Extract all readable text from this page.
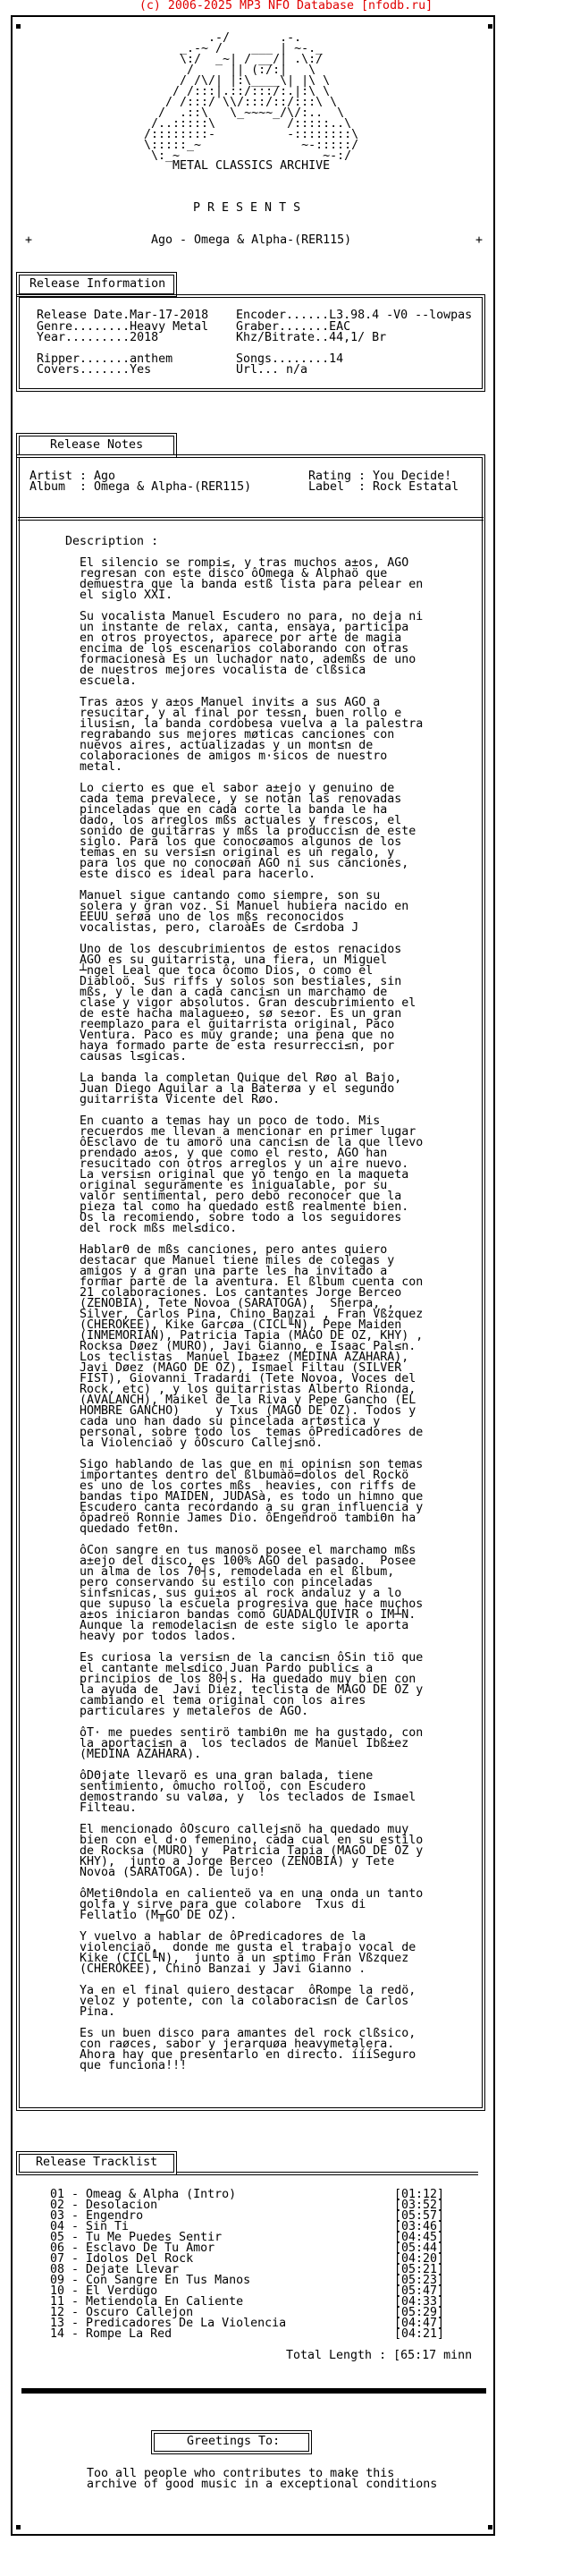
(c) 2006-2025 MP3 NFO Database [nfodb.ru]
.-/       .-.
_.-~ /    ___ | ~-._
\:/  _~| / __/| .\:/
/     || (:/:|   \
/ /\/| |:\____\| |\ \
/ /:::|.::/:::/:.|:\ \
/ /:::/ \\/:::/::/:::\ \
/  .::\   \_~~~~_/\/:..  \
/..:::::\          /:::::..\
/::::::::-          -::::::::\
\:::::_~              ~-:::::/
\:_~                    ~-:/
METAL CLASSICS ARCHIVE
P R E S E N T S
+	Ago - Omega & Alpha-(RER115)	+
Release Information
Release Date.Mar-17-2018
Genre........Heavy Metal
Year.........2018
Ripper.......anthem
Covers.......Yes
Encoder......L3.98.4 -V0 --lowpas
Graber.......EAC
Khz/Bitrate..44,1/ Br
Songs........14
Url... n/a
Release Notes
Artist : Ago
Album  : Omega & Alpha-(RER115)
Rating : You Decide!
Label  : Rock Estatal
Description :
El silencio se rompi≤, y tras muchos a±os, AGO
regresan con este disco ôOmega & Alphaö que
demuestra que la banda estß lista para pelear en
el siglo XXI.
Su vocalista Manuel Escudero no para, no deja ni
un instante de relax, canta, ensaya, participa
en otros proyectos, aparece por arte de magia
encima de los escenarios colaborando con otras
formacionesà Es un luchador nato, ademßs de uno
de nuestros mejores vocalista de clßsica
escuela.
Tras a±os y a±os Manuel invit≤ a sus AGO a
resucitar, y al final por tes≤n, buen rollo e
ilusi≤n, la banda cordobesa vuelva a la palestra
regrabando sus mejores møticas canciones con
nuevos aires, actualizadas y un mont≤n de
colaboraciones de amigos m·sicos de nuestro
metal.
Lo cierto es que el sabor a±ejo y genuino de
cada tema prevalece, y se notan las renovadas
pinceladas que en cada corte la banda le ha
dado, los arreglos mßs actuales y frescos, el
sonido de guitarras y mßs la producci≤n de este
siglo. Para los que conocøamos algunos de los
temas en su versi≤n original es un regalo, y
para los que no conocøan AGO ni sus canciones,
este disco es ideal para hacerlo.
Manuel sigue cantando como siempre, son su
solera y gran voz. Si Manuel hubiera nacido en
EEUU serøa uno de los mßs reconocidos
vocalistas, pero, claroàEs de C≤rdoba J
Uno de los descubrimientos de estos renacidos
AGO es su guitarrista, una fiera, un Miguel
┴ngel Leal que toca ôcomo Dios, o como el
Diabloö. Sus riffs y solos son bestiales, sin
mßs, y le dan a cada canci≤n un marchamo de
clase y vigor absolutos. Gran descubrimiento el
de este hacha malague±o, sø se±or. Es un gran
reemplazo para el guitarrista original, Paco
Ventura. Paco es muy grande; una pena que no
haya formado parte de esta resurrecci≤n, por
causas l≤gicas.
La banda la completan Quique del Røo al Bajo,
Juan Diego Aguilar a la Baterøa y el segundo
guitarrista Vicente del Røo.
En cuanto a temas hay un poco de todo. Mis
recuerdos me llevan a mencionar en primer lugar
ôEsclavo de tu amorö una canci≤n de la que llevo
prendado a±os, y que como el resto, AGO han
resucitado con otros arreglos y un aire nuevo.
La versi≤n original que yo tengo en la maqueta
original seguramente es inigualable, por su
valor sentimental, pero debo reconocer que la
pieza tal como ha quedado estß realmente bien.
Os la recomiendo, sobre todo a los seguidores
del rock mßs mel≤dico.
HablarΘ de mßs canciones, pero antes quiero
destacar que Manuel tiene miles de colegas y
amigos y a gran una parte les ha invitado a
formar parte de la aventura. El ßlbum cuenta con
21 colaboraciones. Los cantantes Jorge Berceo
(ZENOBIA), Tete Novoa (SARATOGA),  Sherpa, ,
Silver, Carlos Pina, Chino Banzai , Fran Vßzquez
(CHEROKEE), Kike Garcøa (CICL╙N), Pepe Maiden
(INMEMORIAN), Patricia Tapia (MAGO DE OZ, KHY) ,
Rocksa Døez (MURO), Javi Gianno, e Isaac Pal≤n.
Los teclistas  Manuel Iba±ez (MEDINA AZAHARA),
Javi Døez (MAGO DE OZ), Ismael Filtau (SILVER
FIST), Giovanni Tradardi (Tete Novoa, Voces del
Rock, etc) , y los guitarristas Alberto Rionda,
(AVALANCH), Maikel de la Riva y Pepe Gancho (EL
HOMBRE GANCHO)     y Txus (MAGO DE OZ). Todos y
cada uno han dado su pincelada artøstica y
personal, sobre todo los  temas ôPredicadores de
la Violenciaö y ôOscuro Callej≤nö.
Sigo hablando de las que en mi opini≤n son temas
importantes dentro del ßlbumàö=dolos del Rockö
es uno de los cortes mßs  heavies, con riffs de
bandas tipo MAIDEN, JUDASà, es todo un himno que
Escudero canta recordando a su gran influencia y
ôpadreö Ronnie James Dio. ôEngendroö tambiΘn ha
quedado fetΘn.
ôCon sangre en tus manosö posee el marchamo mßs
a±ejo del disco, es 100% AGO del pasado.  Posee
un alma de los 70┤s, remodelada en el ßlbum,
pero conservando su estilo con pinceladas
sinf≤nicas, sus gui±os al rock andaluz y a lo
que supuso la escuela progresiva que hace muchos
a±os iniciaron bandas como GUADALQUIVIR o IM┴N.
Aunque la remodelaci≤n de este siglo le aporta
heavy por todos lados.
Es curiosa la versi≤n de la canci≤n ôSin tiö que
el cantante mel≤dico Juan Pardo public≤ a
principios de los 80┤s. Ha quedado muy bien con
la ayuda de  Javi Diez, teclista de MAGO DE OZ y
cambiando el tema original con los aires
particulares y metaleros de AGO.
ôT· me puedes sentirö tambiΘn me ha gustado, con
la aportaci≤n a  los teclados de Manuel Ibß±ez
(MEDINA AZAHARA).
ôDΘjate llevarö es una gran balada, tiene
sentimiento, ômucho rolloö, con Escudero
demostrando su valøa, y  los teclados de Ismael
Filteau.
El mencionado ôOscuro callej≤nö ha quedado muy
bien con el d·o femenino, cada cual en su estilo
de Rocksa (MURO) y  Patricia Tapia (MAGO DE OZ y
KHY),  junto a Jorge Berceo (ZENOBIA) y Tete
Novoa (SARATOGA). De lujo!
ôMetiΘndola en calienteö va en una onda un tanto
golfa y sirve para que colabore  Txus di
Fellatio (M╥GO DE OZ).
Y vuelvo a hablar de ôPredicadores de la
violenciaö,  donde me gusta el trabajo vocal de
Kike (CICL╙N),  junto a un ≤ptimo Fran Vßzquez
(CHEROKEE), Chino Banzai y Javi Gianno .
Ya en el final quiero destacar  ôRompe la redö,
veloz y potente, con la colaboraci≤n de Carlos
Pina.
Es un buen disco para amantes del rock clßsico,
con raøces, sabor y jerarquøa heavymetalera.
Ahora hay que presentarlo en directo. íííSeguro
que funciona!!!
Release Tracklist
01 - Omeag & Alpha (Intro)	[01:12]
02 - Desolacion	[03:52]
03 - Engendro	[05:57]
04 - Sin Ti	[03:46]
05 - Tu Me Puedes Sentir	[04:45]
06 - Esclavo De Tu Amor	[05:44]
07 - Idolos Del Rock	[04:20]
08 - Dejate Llevar	[05:21]
09 - Con Sangre En Tus Manos	[05:23]
10 - El Verdugo	[05:47]
11 - Metiendola En Caliente	[04:33]
12 - Oscuro Callejon	[05:29]
13 - Predicadores De La Violencia	[04:47]
14 - Rompe La Red	[04:21]
Total Length : [65:17 minn
Greetings To:
Too all people who contributes to make this
archive of good music in a exceptional conditions
